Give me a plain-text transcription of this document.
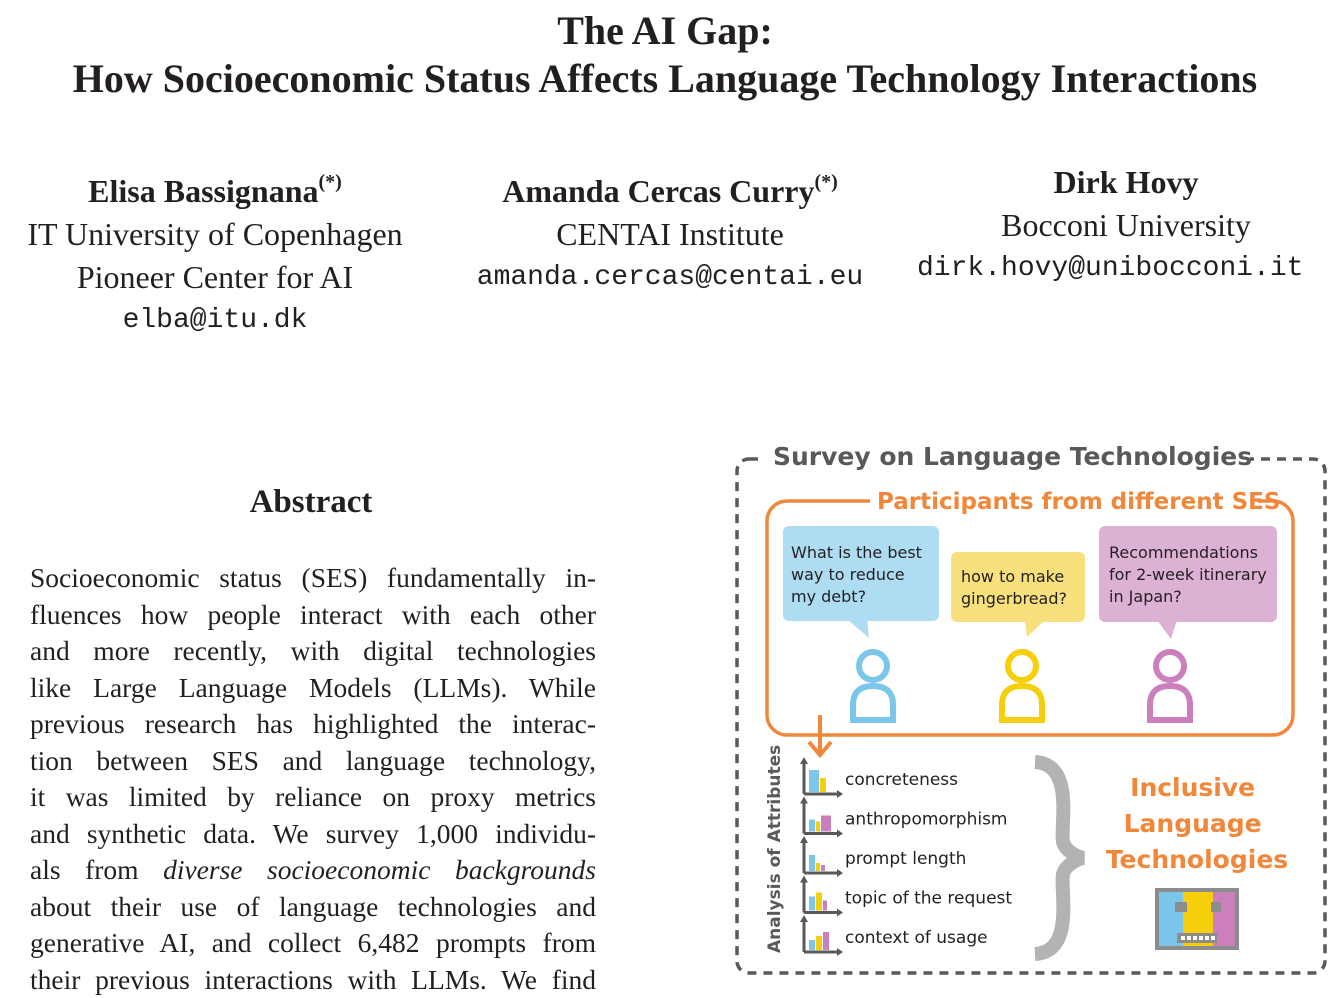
The AI Gap:
How Socioeconomic Status Affects Language Technology Interactions
Elisa Bassignana(*)
IT University of Copenhagen
Pioneer Center for AI
elba@itu.dk
Amanda Cercas Curry(*)
CENTAI Institute
amanda.cercas@centai.eu
Dirk Hovy
Bocconi University
dirk.hovy@unibocconi.it
Abstract
Socioeconomic status (SES) fundamentally in-
fluences how people interact with each other
and more recently, with digital technologies
like Large Language Models (LLMs). While
previous research has highlighted the interac-
tion between SES and language technology,
it was limited by reliance on proxy metrics
and synthetic data. We survey 1,000 individu-
als from diverse socioeconomic backgrounds
about their use of language technologies and
generative AI, and collect 6,482 prompts from
their previous interactions with LLMs. We find
Survey on Language Technologies
Participants from different SES
What is the best way to reduce my debt?
how to make gingerbread?
Recommendations for 2-week itinerary in Japan?
Analysis of Attributes	concreteness
anthropomorphism
prompt length
topic of the request
context of usage
Inclusive Language Technologies
